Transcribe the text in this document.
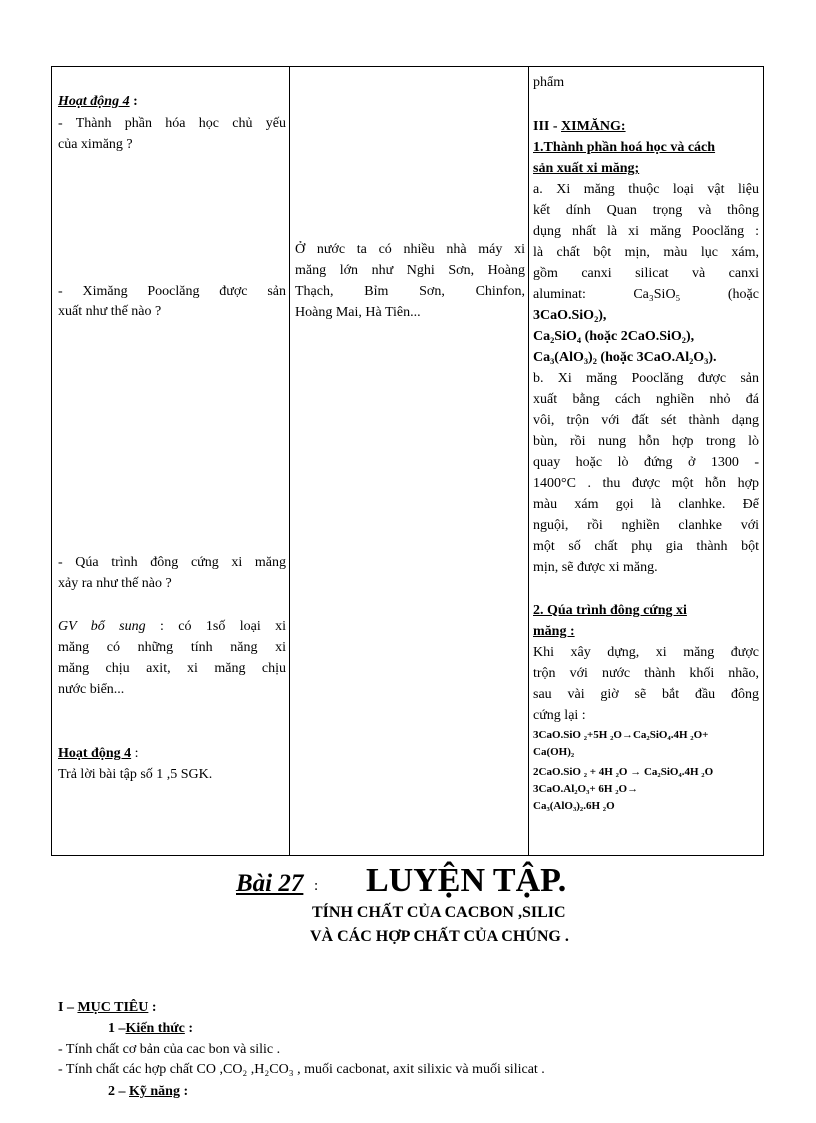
Hoạt động 4 :

- Thành phần hóa học chủ yếu

của ximăng ?

- Ximăng Pooclăng được sản

xuất như thế nào ?

- Qúa trình đông cứng xi măng

xảy ra như thế nào ?

GV bổ sung : có 1số loại xi

măng có những tính năng xi

măng chịu axit, xi măng chịu

nước biển...

Hoạt động 4 :

Trả lời bài tập số 1 ,5 SGK.

Ở nước ta có nhiều nhà máy xi

măng lớn như Nghi Sơn, Hoàng

Thạch, Bỉm Sơn, Chinfon,

Hoàng Mai, Hà Tiên...

phẩm

III - XIMĂNG:

1.Thành phần hoá học và cách

sản xuất xi măng;

a. Xi măng thuộc loại vật liệu

kết dính Quan trọng và thông

dụng nhất là xi măng Pooclăng :

là chất bột mịn, màu lục xám,

gồm canxi silicat và canxi

aluminat: Ca₃SiO₅ (hoặc

3CaO.SiO₂),

Ca₂SiO₄ (hoặc 2CaO.SiO₂),

Ca₃(AlO₃)₂ (hoặc 3CaO.Al₂O₃).

b. Xi măng Pooclăng được sản

xuất bằng cách nghiền nhỏ đá

vôi, trộn với đất sét thành dạng

bùn, rồi nung hỗn hợp trong lò

quay hoặc lò đứng ở 1300 -

1400°C . thu được một hỗn hợp

màu xám gọi là clanhke. Để

nguội, rồi nghiền clanhke với

một số chất phụ gia thành bột

mịn, sẽ được xi măng.

2. Qúa trình đông cứng xi

măng :

Khi xây dựng, xi măng được

trộn với nước thành khối nhão,

sau vài giờ sẽ bắt đầu đông

cứng lại :

3CaO.SiO ₂+5H ₂O→Ca₂SiO₄.4H ₂O+

Ca(OH)₂

2CaO.SiO ₂ + 4H ₂O → Ca₂SiO₄.4H ₂O

3CaO.Al₂O₃+ 6H ₂O→

Ca₃(AlO₃)₂.6H ₂O

Bài 27 : LUYỆN TẬP.
TÍNH CHẤT CỦA CACBON ,SILIC
VÀ CÁC HỢP CHẤT CỦA CHÚNG .
I – MỤC TIÊU :
1 –Kiến thức :
- Tính chất cơ bản của cac bon và silic .
- Tính chất các hợp chất CO ,CO₂ ,H₂CO₃ , muối cacbonat, axit silixic và muối silicat .
2 – Kỹ năng :
